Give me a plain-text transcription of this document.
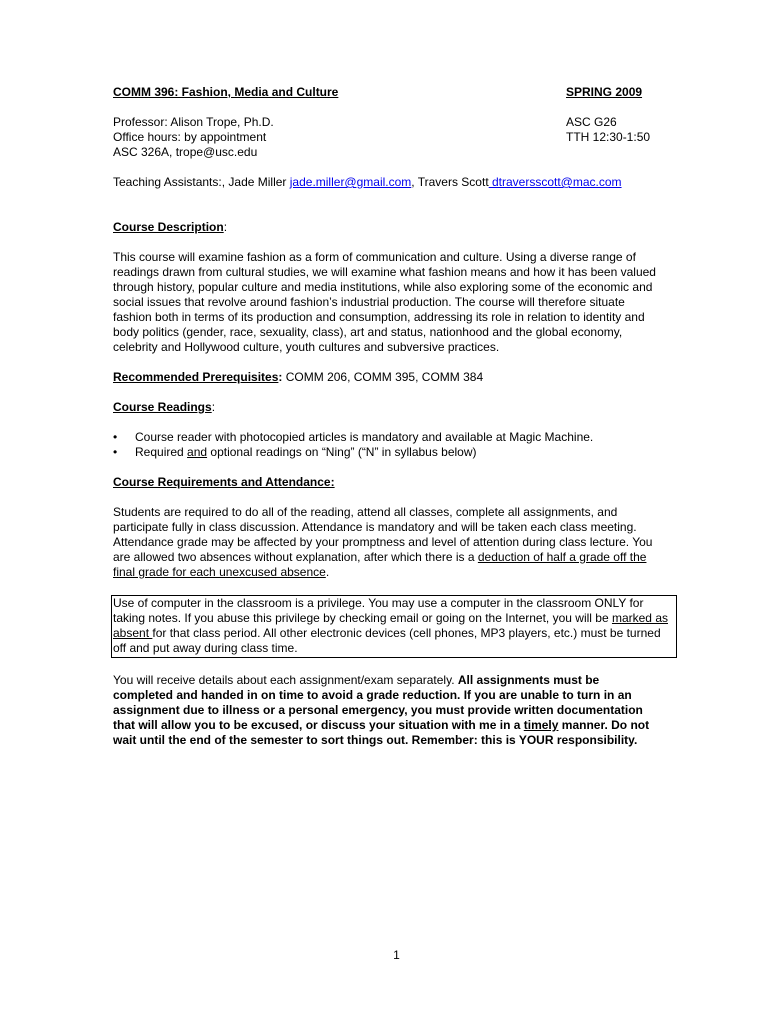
COMM 396: Fashion, Media and Culture	SPRING 2009
Professor: Alison Trope, Ph.D.	ASC G26
Office hours: by appointment	TTH 12:30-1:50

ASC 326A, trope@usc.edu

Teaching Assistants:, Jade Miller jade.miller@gmail.com, Travers Scott dtraversscott@mac.com

Course Description:

This course will examine fashion as a form of communication and culture. Using a diverse range of readings drawn from cultural studies, we will examine what fashion means and how it has been valued through history, popular culture and media institutions, while also exploring some of the economic and social issues that revolve around fashion’s industrial production. The course will therefore situate fashion both in terms of its production and consumption, addressing its role in relation to identity and body politics (gender, race, sexuality, class), art and status, nationhood and the global economy, celebrity and Hollywood culture, youth cultures and subversive practices.

Recommended Prerequisites: COMM 206, COMM 395, COMM 384

Course Readings:

• Course reader with photocopied articles is mandatory and available at Magic Machine.
• Required and optional readings on “Ning” (“N” in syllabus below)

Course Requirements and Attendance:

Students are required to do all of the reading, attend all classes, complete all assignments, and participate fully in class discussion. Attendance is mandatory and will be taken each class meeting. Attendance grade may be affected by your promptness and level of attention during class lecture. You are allowed two absences without explanation, after which there is a deduction of half a grade off the final grade for each unexcused absence.

Use of computer in the classroom is a privilege. You may use a computer in the classroom ONLY for taking notes. If you abuse this privilege by checking email or going on the Internet, you will be marked as absent for that class period. All other electronic devices (cell phones, MP3 players, etc.) must be turned off and put away during class time.

You will receive details about each assignment/exam separately. All assignments must be completed and handed in on time to avoid a grade reduction. If you are unable to turn in an assignment due to illness or a personal emergency, you must provide written documentation that will allow you to be excused, or discuss your situation with me in a timely manner. Do not wait until the end of the semester to sort things out. Remember: this is YOUR responsibility.

1
